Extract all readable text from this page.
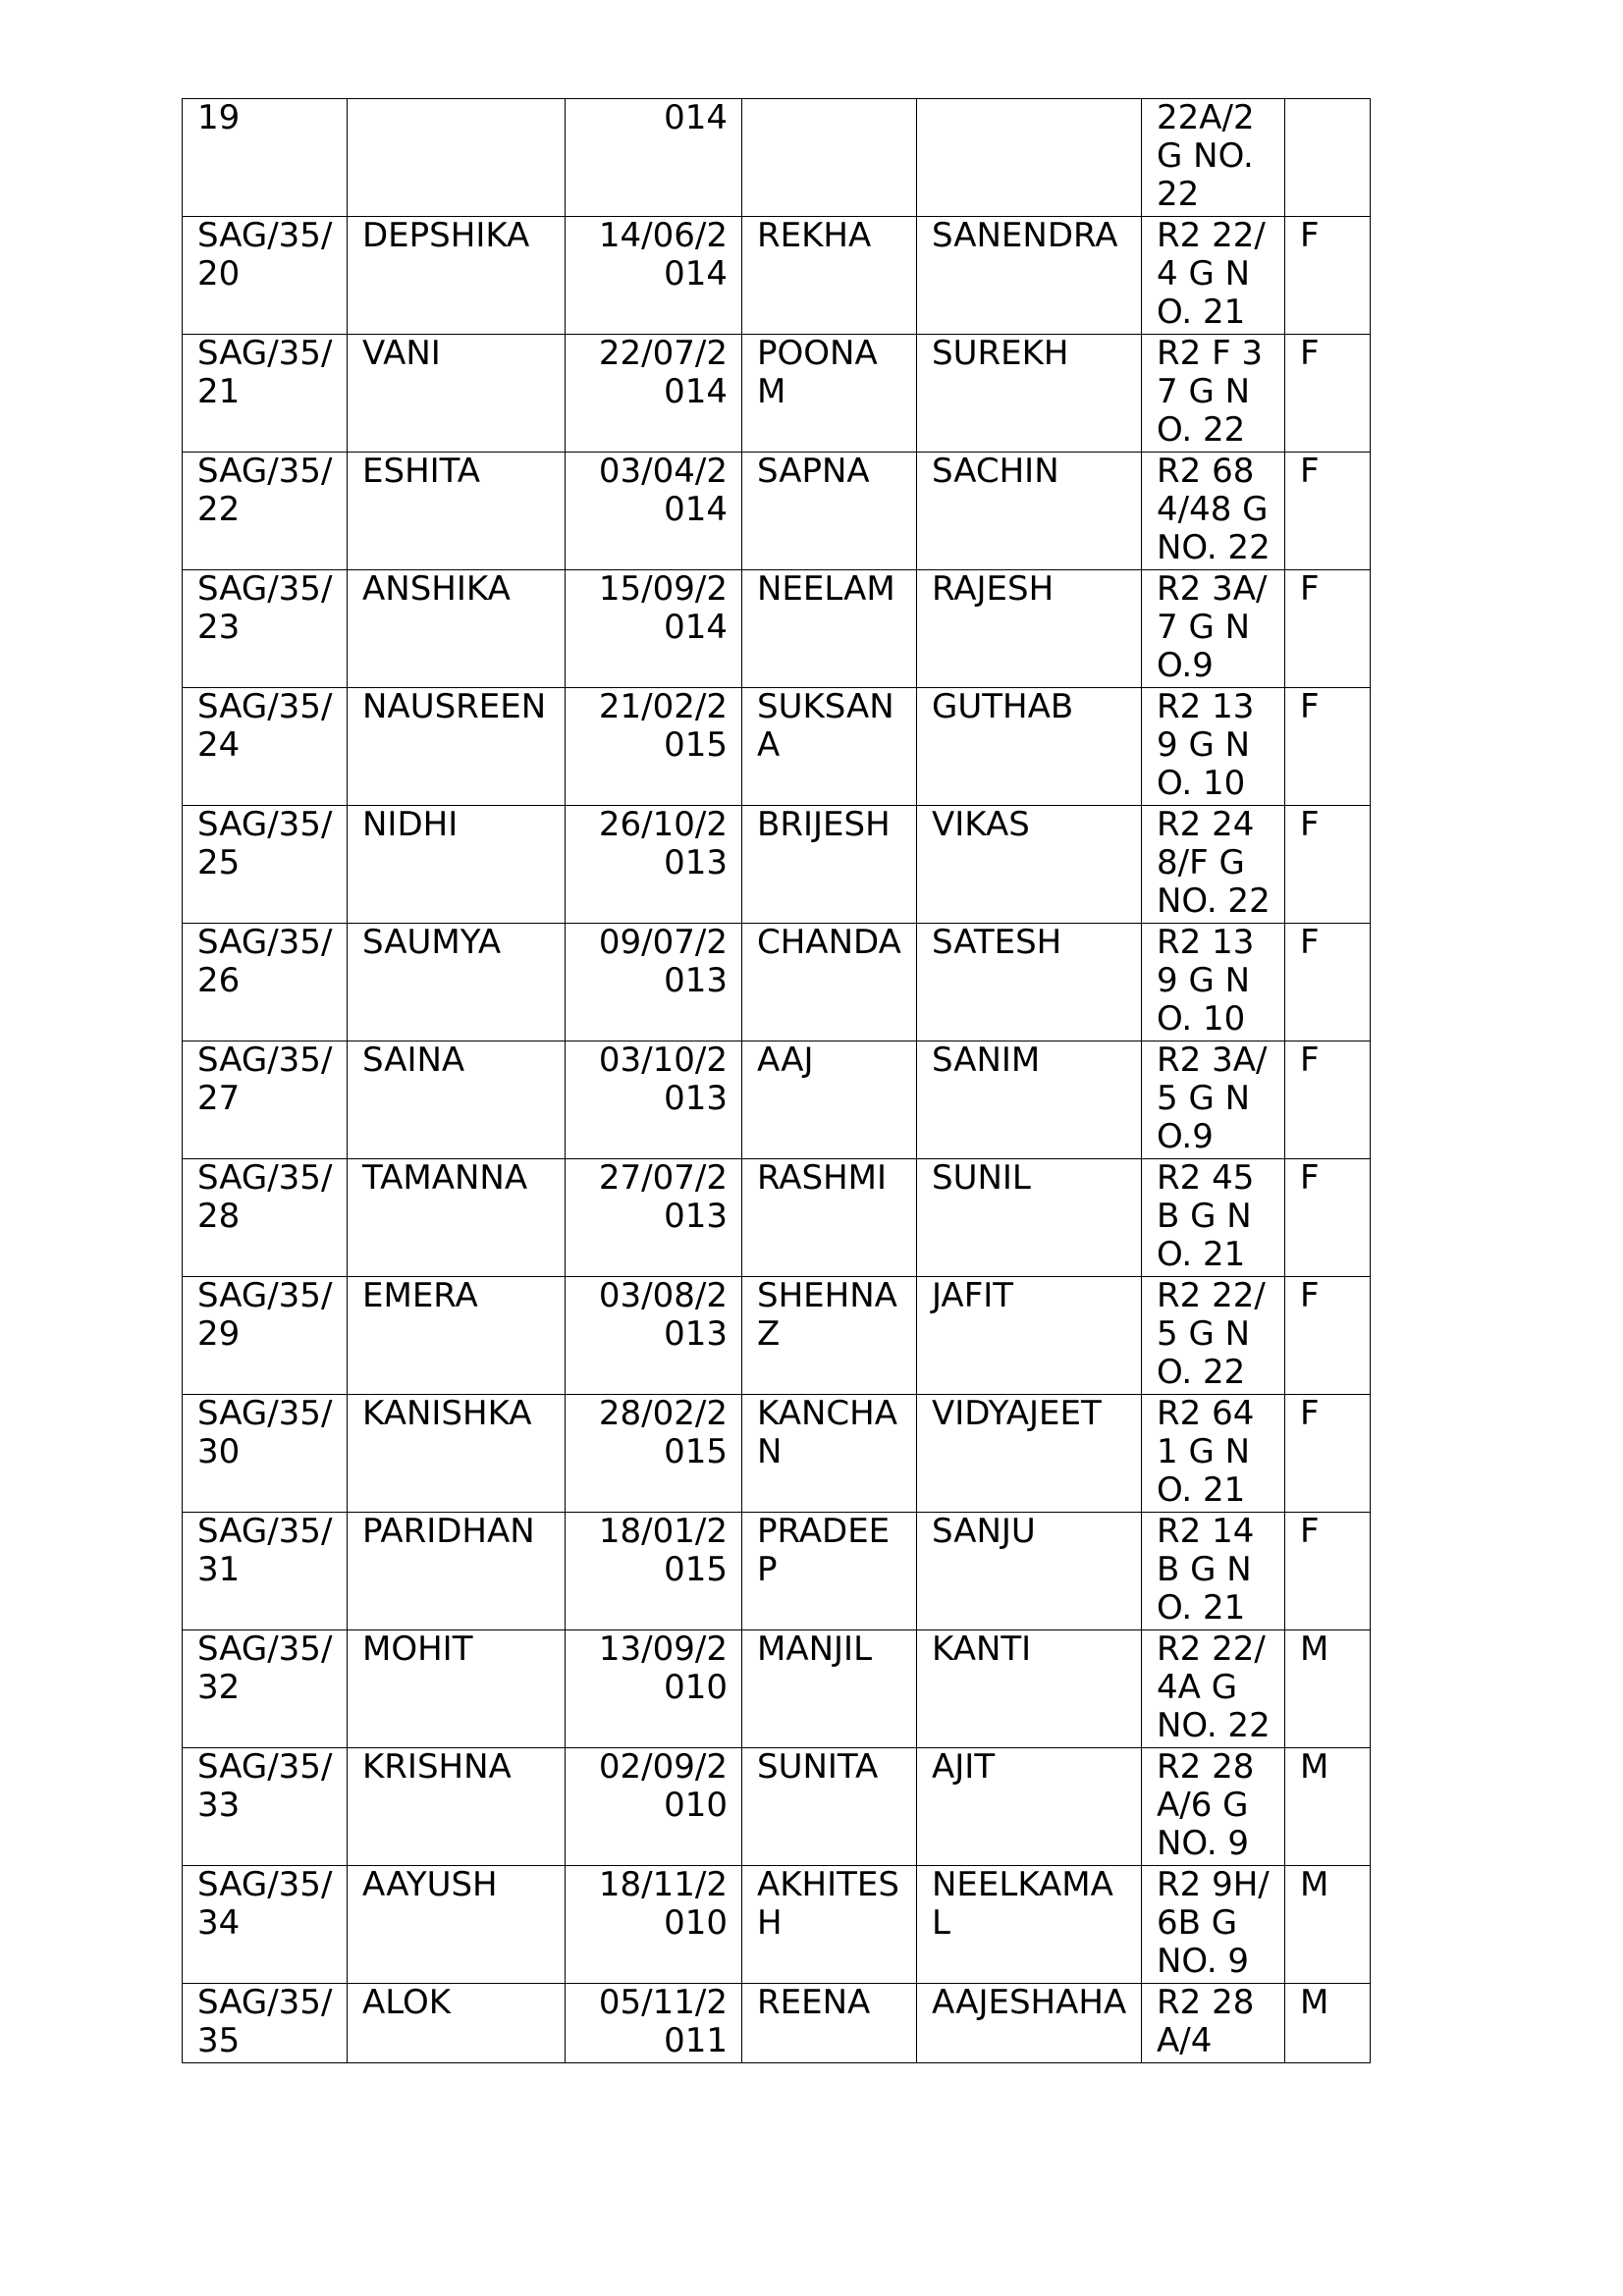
19		014			22A/2 G NO. 22	
SAG/35/20	DEPSHIKA	14/06/2014	REKHA	SANENDRA	R2 22/4 G NO. 21	F
SAG/35/21	VANI	22/07/2014	POONAM	SUREKH	R2 F 37 G NO. 22	F
SAG/35/22	ESHITA	03/04/2014	SAPNA	SACHIN	R2 684/48 G NO. 22	F
SAG/35/23	ANSHIKA	15/09/2014	NEELAM	RAJESH	R2 3A/7 G NO.9	F
SAG/35/24	NAUSREEN	21/02/2015	SUKSANA	GUTHAB	R2 139 G NO. 10	F
SAG/35/25	NIDHI	26/10/2013	BRIJESH	VIKAS	R2 248/F G NO. 22	F
SAG/35/26	SAUMYA	09/07/2013	CHANDA	SATESH	R2 139 G NO. 10	F
SAG/35/27	SAINA	03/10/2013	AAJ	SANIM	R2 3A/5 G NO.9	F
SAG/35/28	TAMANNA	27/07/2013	RASHMI	SUNIL	R2 45 B G NO. 21	F
SAG/35/29	EMERA	03/08/2013	SHEHNAZ	JAFIT	R2 22/5 G NO. 22	F
SAG/35/30	KANISHKA	28/02/2015	KANCHAN	VIDYAJEET	R2 641 G NO. 21	F
SAG/35/31	PARIDHAN	18/01/2015	PRADEEP	SANJU	R2 14 B G NO. 21	F
SAG/35/32	MOHIT	13/09/2010	MANJIL	KANTI	R2 22/4A G NO. 22	M
SAG/35/33	KRISHNA	02/09/2010	SUNITA	AJIT	R2 28A/6 G NO. 9	M
SAG/35/34	AAYUSH	18/11/2010	AKHITESH	NEELKAMAL	R2 9H/6B G NO. 9	M
SAG/35/35	ALOK	05/11/2011	REENA	AAJESHAHA	R2 28A/4	M
